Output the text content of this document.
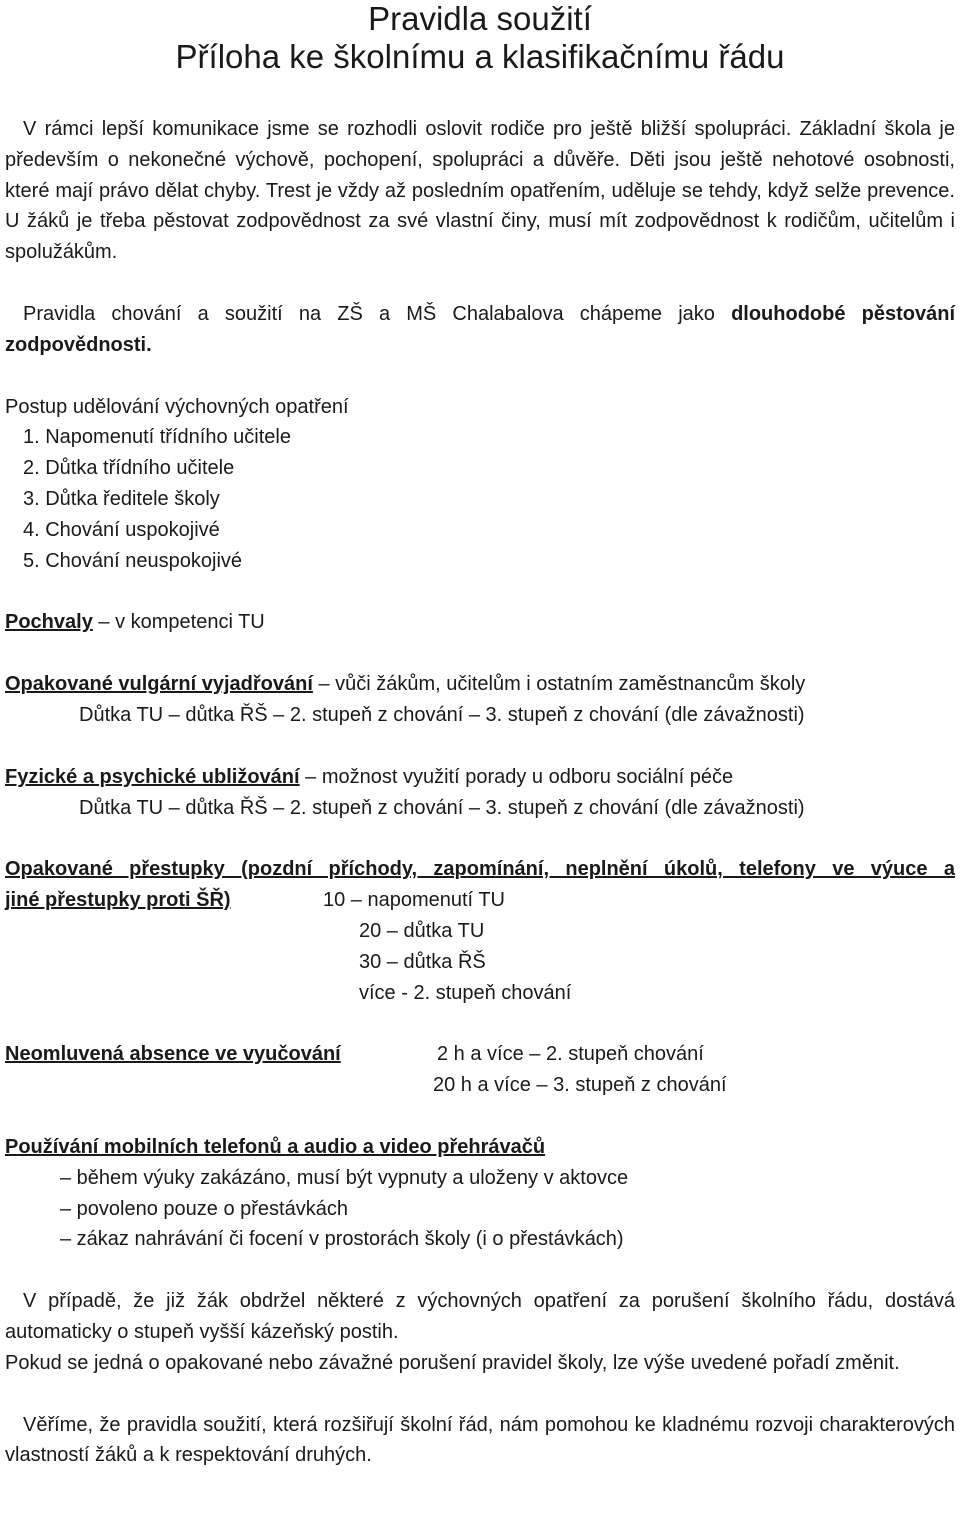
Pravidla soužití
Příloha ke školnímu a klasifikačnímu řádu

V rámci lepší komunikace jsme se rozhodli oslovit rodiče pro ještě bližší spolupráci. Základní škola je především o nekonečné výchově, pochopení, spolupráci a důvěře. Děti jsou ještě nehotové osobnosti, které mají právo dělat chyby. Trest je vždy až posledním opatřením, uděluje se tehdy, když selže prevence. U žáků je třeba pěstovat zodpovědnost za své vlastní činy, musí mít zodpovědnost k rodičům, učitelům i spolužákům.

Pravidla chování a soužití na ZŠ a MŠ Chalabalova chápeme jako dlouhodobé pěstování zodpovědnosti.

Postup udělování výchovných opatření
1. Napomenutí třídního učitele
2. Důtka třídního učitele
3. Důtka ředitele školy
4. Chování uspokojivé
5. Chování neuspokojivé
Pochvaly – v kompetenci TU
Opakované vulgární vyjadřování – vůči žákům, učitelům i ostatním zaměstnancům školy
Důtka TU – důtka ŘŠ – 2. stupeň z chování – 3. stupeň z chování (dle závažnosti)
Fyzické a psychické ubližování – možnost využití porady u odboru sociální péče
Důtka TU – důtka ŘŠ – 2. stupeň z chování – 3. stupeň z chování (dle závažnosti)
Opakované přestupky (pozdní příchody, zapomínání, neplnění úkolů, telefony ve výuce a
jiné přestupky proti ŠŘ)	10 – napomenutí TU
20 – důtka TU
30 – důtka ŘŠ
více - 2. stupeň chování
Neomluvená absence ve vyučování	2 h a více – 2. stupeň chování
20 h a více – 3. stupeň z chování
Používání mobilních telefonů a audio a video přehrávačů
– během výuky zakázáno, musí být vypnuty a uloženy v aktovce
– povoleno pouze o přestávkách
– zákaz nahrávání či focení v prostorách školy (i o přestávkách)

V případě, že již žák obdržel některé z výchovných opatření za porušení školního řádu, dostává automaticky o stupeň vyšší kázeňský postih.

Pokud se jedná o opakované nebo závažné porušení pravidel školy, lze výše uvedené pořadí změnit.

Věříme, že pravidla soužití, která rozšiřují školní řád, nám pomohou ke kladnému rozvoji charakterových vlastností žáků a k respektování druhých.
